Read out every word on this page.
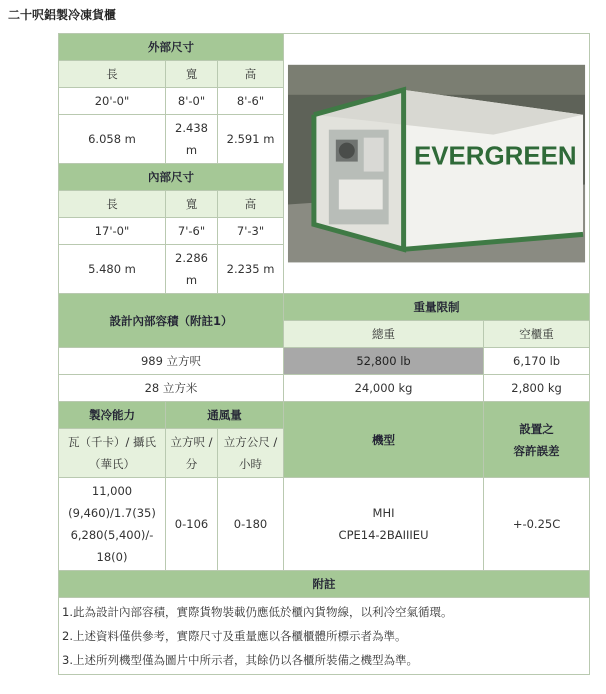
二十呎鋁製冷凍貨櫃
外部尺寸			EVERGREEN	

長	寬	高		
20'-0"	8'-0"	8'-6"		
6.058 m	2.438 m	2.591 m		
內部尺寸				
長	寬	高		
17'-0"	7'-6"	7'-3"		
5.480 m	2.286 m	2.235 m		
設計內部容積（附註1）			重量限制	
			總重	空櫃重
989 立方呎			52,800 lb	6,170 lb
28 立方米			24,000 kg	2,800 kg
製冷能力	通風量		機型	設置之
容許誤差

瓦（千卡）/ 攝氏（華氏）	立方呎 / 分	立方公尺 / 小時		

11,000
(9,460)/1.7(35)
6,280(5,400)/-
18(0)	0-106	0-180	MHI
CPE14-2BAIIIEU	+-0.25C
附註				

1.此為設計內部容積，實際貨物裝載仍應低於櫃內貨物線，以利冷空氣循環。
2.上述資料僅供參考，實際尺寸及重量應以各櫃櫃體所標示者為準。
3.上述所列機型僅為圖片中所示者，其餘仍以各櫃所裝備之機型為準。				
